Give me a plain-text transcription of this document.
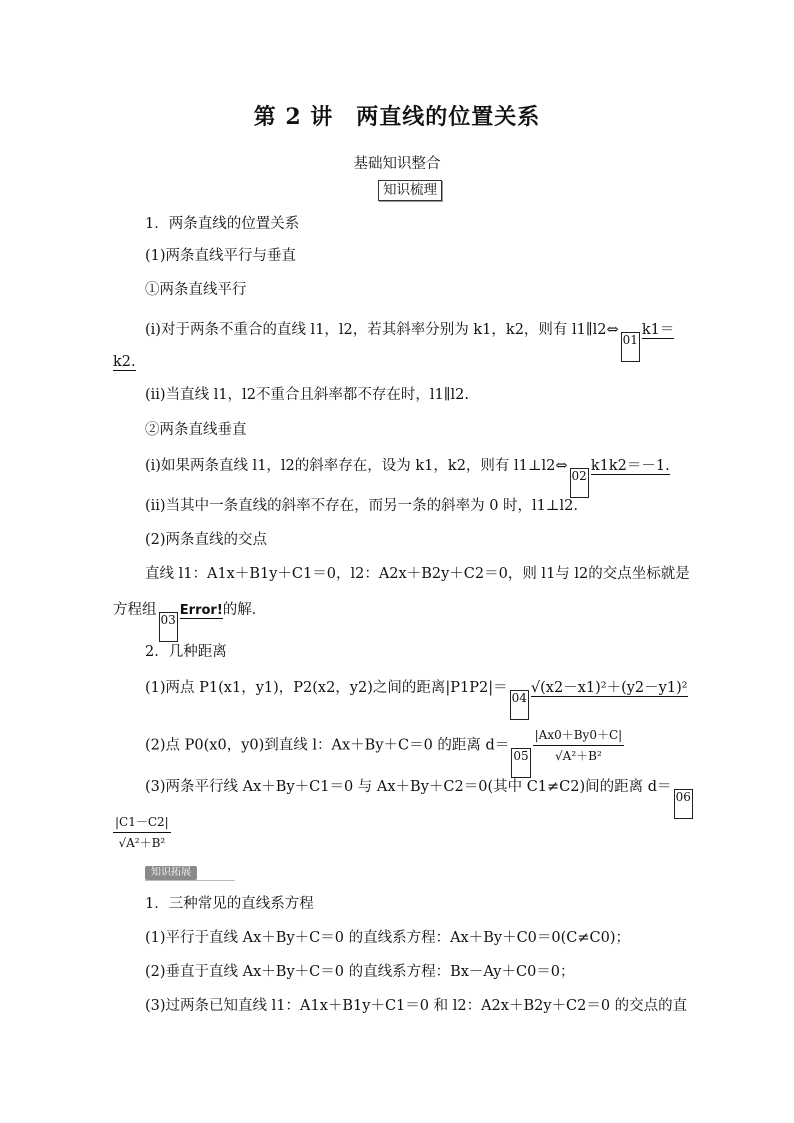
第 2 讲　两直线的位置关系
基础知识整合
知识梳理
1．两条直线的位置关系
(1)两条直线平行与垂直
①两条直线平行
(ⅰ)对于两条不重合的直线 l1，l2，若其斜率分别为 k1，k2，则有 l1∥l2⇔01k1＝
k2.
(ⅱ)当直线 l1，l2不重合且斜率都不存在时，l1∥l2.
②两条直线垂直
(ⅰ)如果两条直线 l1，l2的斜率存在，设为 k1，k2，则有 l1⊥l2⇔02k1k2＝－1.
(ⅱ)当其中一条直线的斜率不存在，而另一条的斜率为 0 时，l1⊥l2.
(2)两条直线的交点
直线 l1：A1x＋B1y＋C1＝0，l2：A2x＋B2y＋C2＝0，则 l1与 l2的交点坐标就是
方程组03Error!的解．
2．几种距离
(1)两点 P1(x1，y1)，P2(x2，y2)之间的距离|P1P2|＝04√(x2－x1)²＋(y2－y1)²
(2)点 P0(x0，y0)到直线 l：Ax＋By＋C＝0 的距离 $d=05 \frac{|Ax0+By0+C|}{\text{√A²＋B²}}$
(3)两条平行线 Ax＋By＋C1＝0 与 Ax＋By＋C2＝0(其中 C1≠C2)间的距离 d＝06
$\frac{|C1-C2|}{\text{√A²＋B²}}$
知识拓展
1．三种常见的直线系方程
(1)平行于直线 Ax＋By＋C＝0 的直线系方程：Ax＋By＋C0＝0(C≠C0)；
(2)垂直于直线 Ax＋By＋C＝0 的直线系方程：Bx－Ay＋C0＝0；
(3)过两条已知直线 l1：A1x＋B1y＋C1＝0 和 l2：A2x＋B2y＋C2＝0 的交点的直
